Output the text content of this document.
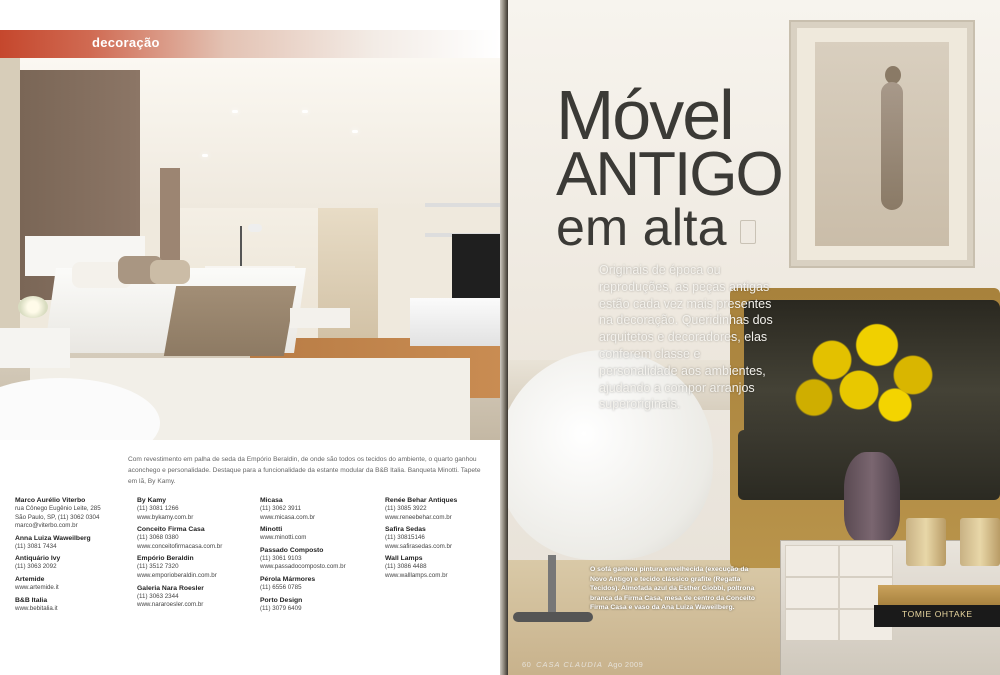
decoração
Com revestimento em palha de seda da Empório Beraldin, de onde são todos os tecidos do ambiente, o quarto ganhou aconchego e personalidade. Destaque para a funcionalidade da estante modular da B&B Italia. Banqueta Minotti. Tapete em lã, By Kamy.
Marco Aurélio Viterbo
rua Cônego Eugênio Leite, 285
São Paulo, SP, (11) 3062 0304
marco@viterbo.com.br
Anna Luiza Waweilberg
(11) 3081 7434
Antiquário Ivy
(11) 3063 2092
Artemide
www.artemide.it
B&B Italia
www.bebitalia.it
By Kamy
(11) 3081 1266
www.bykamy.com.br
Conceito Firma Casa
(11) 3068 0380
www.conceitofirmacasa.com.br
Empório Beraldin
(11) 3512 7320
www.emporioberaldin.com.br
Galeria Nara Roesler
(11) 3063 2344
www.nararoesler.com.br
Micasa
(11) 3062 3911
www.micasa.com.br
Minotti
www.minotti.com
Passado Composto
(11) 3061 9103
www.passadocomposto.com.br
Pérola Mármores
(11) 6556 0785
Porto Design
(11) 3079 6409
Renée Behar Antiques
(11) 3085 3922
www.reneebehar.com.br
Safira Sedas
(11) 30815146
www.safirasedas.com.br
Wall Lamps
(11) 3086 4488
www.walllamps.com.br
TOMIE OHTAKE
Móvel
ANTIGO
em alta
Originais de época ou reproduções, as peças antigas estão cada vez mais presentes na decoração. Queridinhas dos arquitetos e decoradores, elas conferem classe e personalidade aos ambientes, ajudando a compor arranjos superoriginais.
O sofá ganhou pintura envelhecida (execução da Novo Antigo) e tecido clássico grafite (Regatta Tecidos). Almofada azul da Esther Giobbi, poltrona branca da Firma Casa, mesa de centro da Conceito Firma Casa e vaso da Ana Luiza Waweilberg.
60 CASA CLAUDIA Ago 2009
